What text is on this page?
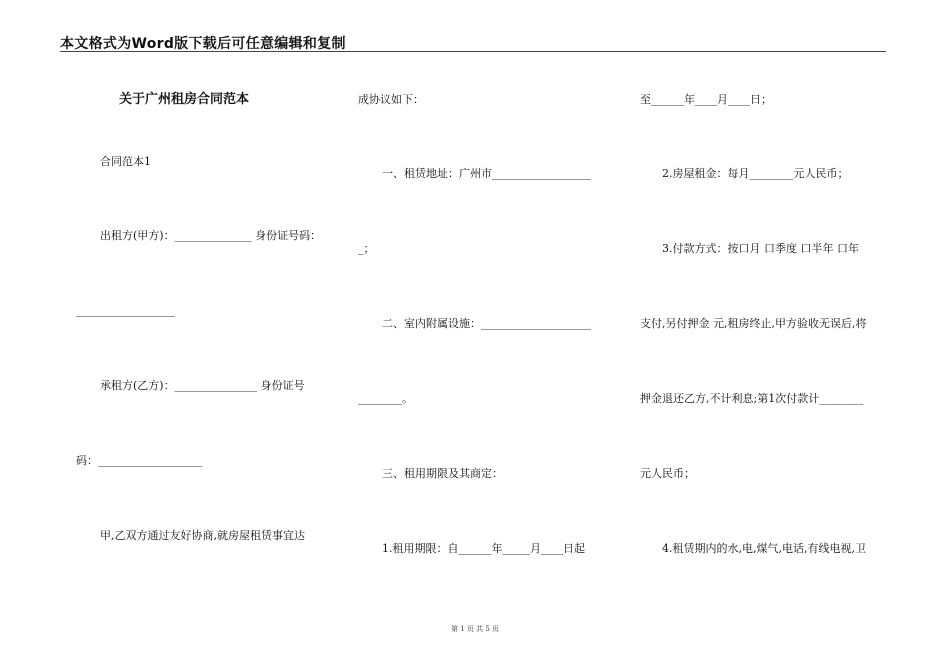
本文格式为Word版下载后可任意编辑和复制
关于广州租房合同范本
合同范本1
出租方(甲方)：______________ 身份证号码：
__________________
承租方(乙方)：_______________ 身份证号
码：___________________
甲,乙双方通过友好协商,就房屋租赁事宜达
成协议如下：
一、租赁地址：广州市__________________
_；
二、室内附属设施：____________________
________。
三、租用期限及其商定：
1.租用期限：自______年_____月____日起
至______年____月____日；
2.房屋租金：每月________元人民币；
3.付款方式：按口月 口季度 口半年 口年
支付,另付押金 元,租房终止,甲方验收无误后,将
押金退还乙方,不计利息;第1次付款计________
元人民币；
4.租赁期内的水,电,煤气,电话,有线电视,卫
第 1 页 共 5 页
